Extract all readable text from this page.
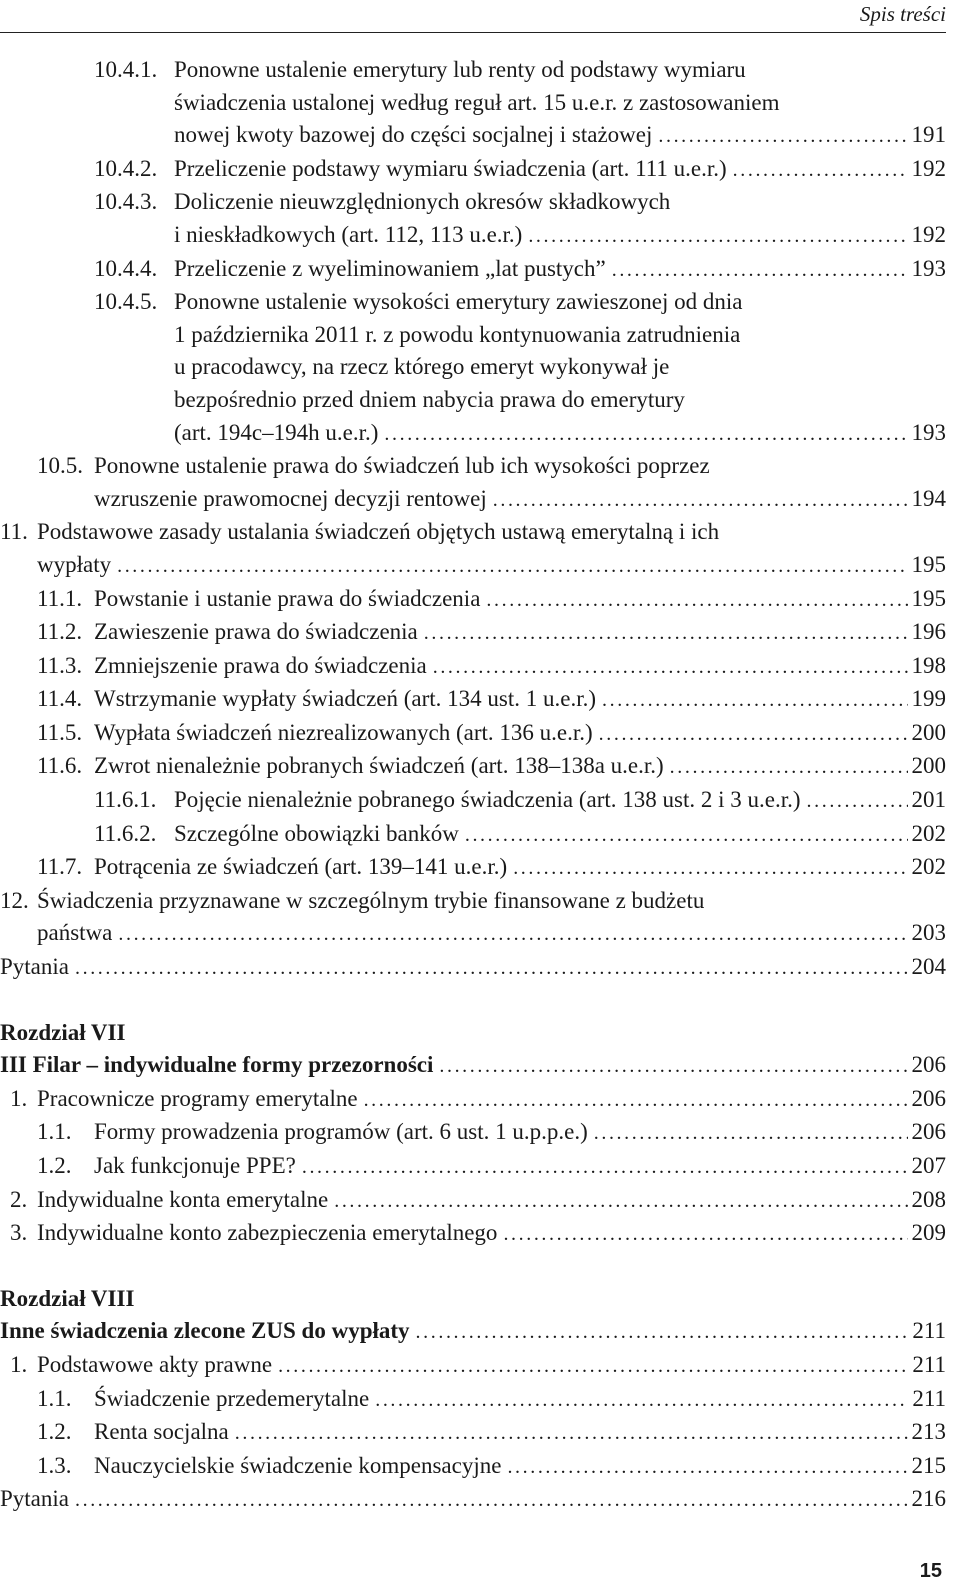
Spis treści
10.4.1. Ponowne ustalenie emerytury lub renty od podstawy wymiaru
świadczenia ustalonej według reguł art. 15 u.e.r. z zastosowaniem
nowej kwoty bazowej do części socjalnej i stażowej .....	191
10.4.2. Przeliczenie podstawy wymiaru świadczenia (art. 111 u.e.r.) .....	192
10.4.3. Doliczenie nieuwzględnionych okresów składkowych
i nieskładkowych (art. 112, 113 u.e.r.) .....	192
10.4.4. Przeliczenie z wyeliminowaniem „lat pustych” .....	193
10.4.5. Ponowne ustalenie wysokości emerytury zawieszonej od dnia
1 października 2011 r. z powodu kontynuowania zatrudnienia
u pracodawcy, na rzecz którego emeryt wykonywał je
bezpośrednio przed dniem nabycia prawa do emerytury
(art. 194c–194h u.e.r.) .....	193
10.5. Ponowne ustalenie prawa do świadczeń lub ich wysokości poprzez
wzruszenie prawomocnej decyzji rentowej .....	194
11. Podstawowe zasady ustalania świadczeń objętych ustawą emerytalną i ich
wypłaty .....	195
11.1. Powstanie i ustanie prawa do świadczenia .....	195
11.2. Zawieszenie prawa do świadczenia .....	196
11.3. Zmniejszenie prawa do świadczenia .....	198
11.4. Wstrzymanie wypłaty świadczeń (art. 134 ust. 1 u.e.r.) .....	199
11.5. Wypłata świadczeń niezrealizowanych (art. 136 u.e.r.) .....	200
11.6. Zwrot nienależnie pobranych świadczeń (art. 138–138a u.e.r.) .....	200
11.6.1. Pojęcie nienależnie pobranego świadczenia (art. 138 ust. 2 i 3 u.e.r.) .....	201
11.6.2. Szczególne obowiązki banków .....	202
11.7. Potrącenia ze świadczeń (art. 139–141 u.e.r.) .....	202
12. Świadczenia przyznawane w szczególnym trybie finansowane z budżetu
państwa .....	203
Pytania .....	204
Rozdział VII
III Filar – indywidualne formy przezorności .....	206
1. Pracownicze programy emerytalne .....	206
1.1. Formy prowadzenia programów (art. 6 ust. 1 u.p.p.e.) .....	206
1.2. Jak funkcjonuje PPE? .....	207
2. Indywidualne konta emerytalne .....	208
3. Indywidualne konto zabezpieczenia emerytalnego .....	209
Rozdział VIII
Inne świadczenia zlecone ZUS do wypłaty .....	211
1. Podstawowe akty prawne .....	211
1.1. Świadczenie przedemerytalne .....	211
1.2. Renta socjalna .....	213
1.3. Nauczycielskie świadczenie kompensacyjne .....	215
Pytania .....	216
15
